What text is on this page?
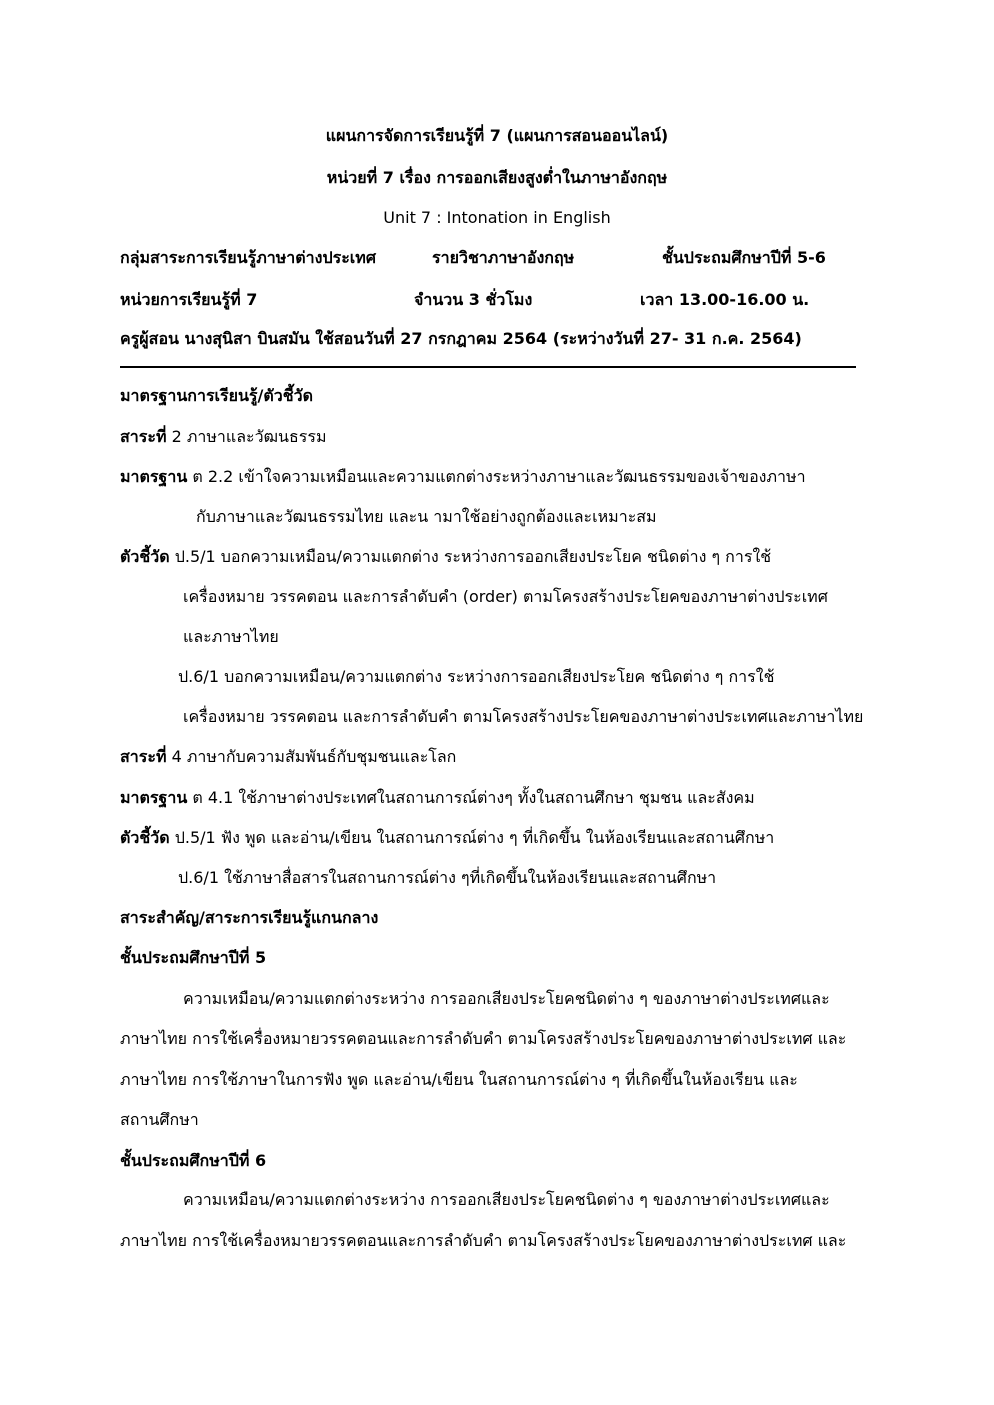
แผนการจัดการเรียนรู้ที่ 7 (แผนการสอนออนไลน์)
หน่วยที่ 7 เรื่อง การออกเสียงสูงต่ำในภาษาอังกฤษ
Unit 7 : Intonation in English
กลุ่มสาระการเรียนรู้ภาษาต่างประเทศ	รายวิชาภาษาอังกฤษ	ชั้นประถมศึกษาปีที่ 5-6
หน่วยการเรียนรู้ที่ 7	จำนวน 3 ชั่วโมง	เวลา 13.00-16.00 น.
ครูผู้สอน นางสุนิสา บินสมัน ใช้สอนวันที่ 27 กรกฎาคม 2564 (ระหว่างวันที่ 27- 31 ก.ค. 2564)
มาตรฐานการเรียนรู้/ตัวชี้วัด
สาระที่ 2 ภาษาและวัฒนธรรม
มาตรฐาน ต 2.2 เข้าใจความเหมือนและความแตกต่างระหว่างภาษาและวัฒนธรรมของเจ้าของภาษา
กับภาษาและวัฒนธรรมไทย และน ามาใช้อย่างถูกต้องและเหมาะสม
ตัวชี้วัด ป.5/1 บอกความเหมือน/ความแตกต่าง ระหว่างการออกเสียงประโยค ชนิดต่าง ๆ การใช้
เครื่องหมาย วรรคตอน และการลำดับคำ (order) ตามโครงสร้างประโยคของภาษาต่างประเทศ
และภาษาไทย
ป.6/1 บอกความเหมือน/ความแตกต่าง ระหว่างการออกเสียงประโยค ชนิดต่าง ๆ การใช้
เครื่องหมาย วรรคตอน และการลำดับคำ ตามโครงสร้างประโยคของภาษาต่างประเทศและภาษาไทย
สาระที่ 4 ภาษากับความสัมพันธ์กับชุมชนและโลก
มาตรฐาน ต 4.1 ใช้ภาษาต่างประเทศในสถานการณ์ต่างๆ ทั้งในสถานศึกษา ชุมชน และสังคม
ตัวชี้วัด ป.5/1 ฟัง พูด และอ่าน/เขียน ในสถานการณ์ต่าง ๆ ที่เกิดขึ้น ในห้องเรียนและสถานศึกษา
ป.6/1 ใช้ภาษาสื่อสารในสถานการณ์ต่าง ๆที่เกิดขึ้นในห้องเรียนและสถานศึกษา
สาระสำคัญ/สาระการเรียนรู้แกนกลาง
ชั้นประถมศึกษาปีที่ 5
ความเหมือน/ความแตกต่างระหว่าง การออกเสียงประโยคชนิดต่าง ๆ ของภาษาต่างประเทศและ
ภาษาไทย การใช้เครื่องหมายวรรคตอนและการลำดับคำ ตามโครงสร้างประโยคของภาษาต่างประเทศ และ
ภาษาไทย การใช้ภาษาในการฟัง พูด และอ่าน/เขียน ในสถานการณ์ต่าง ๆ ที่เกิดขึ้นในห้องเรียน และ
สถานศึกษา
ชั้นประถมศึกษาปีที่ 6
ความเหมือน/ความแตกต่างระหว่าง การออกเสียงประโยคชนิดต่าง ๆ ของภาษาต่างประเทศและ
ภาษาไทย การใช้เครื่องหมายวรรคตอนและการลำดับคำ ตามโครงสร้างประโยคของภาษาต่างประเทศ และ
